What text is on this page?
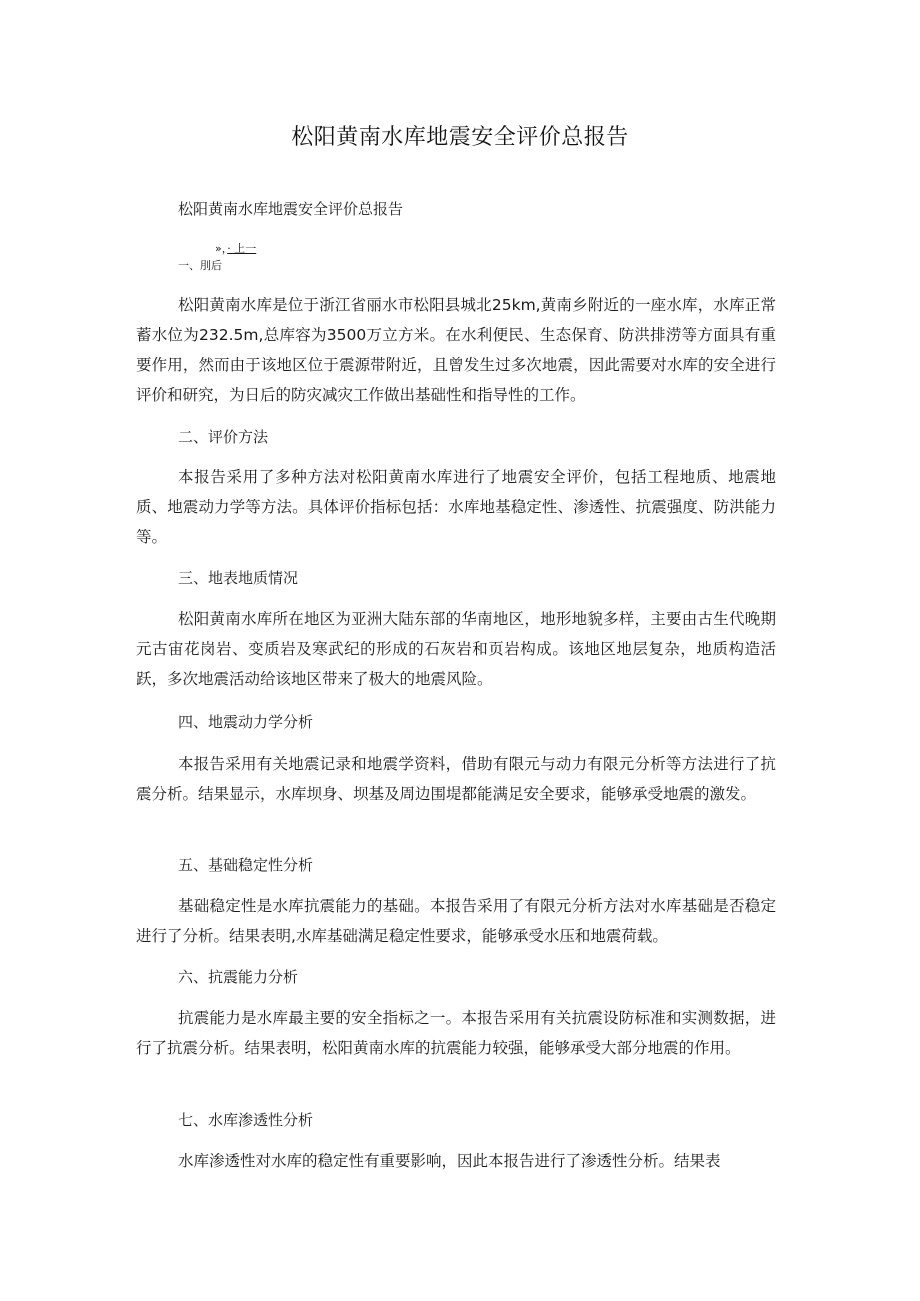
松阳黄南水库地震安全评价总报告
松阳黄南水库地震安全评价总报告
»，· 上一
一、刖后
松阳黄南水库是位于浙江省丽水市松阳县城北25km,黄南乡附近的一座水库，水库正常蓄水位为232.5m,总库容为3500万立方米。在水利便民、生态保育、防洪排涝等方面具有重要作用，然而由于该地区位于震源带附近，且曾发生过多次地震，因此需要对水库的安全进行评价和研究，为日后的防灾减灾工作做出基础性和指导性的工作。
二、评价方法
本报告采用了多种方法对松阳黄南水库进行了地震安全评价，包括工程地质、地震地质、地震动力学等方法。具体评价指标包括：水库地基稳定性、渗透性、抗震强度、防洪能力等。
三、地表地质情况
松阳黄南水库所在地区为亚洲大陆东部的华南地区，地形地貌多样，主要由古生代晚期元古宙花岗岩、变质岩及寒武纪的形成的石灰岩和页岩构成。该地区地层复杂，地质构造活跃，多次地震活动给该地区带来了极大的地震风险。
四、地震动力学分析
本报告采用有关地震记录和地震学资料，借助有限元与动力有限元分析等方法进行了抗震分析。结果显示，水库坝身、坝基及周边围堤都能满足安全要求，能够承受地震的激发。
五、基础稳定性分析
基础稳定性是水库抗震能力的基础。本报告采用了有限元分析方法对水库基础是否稳定进行了分析。结果表明,水库基础满足稳定性要求，能够承受水压和地震荷载。
六、抗震能力分析
抗震能力是水库最主要的安全指标之一。本报告采用有关抗震设防标准和实测数据，进行了抗震分析。结果表明，松阳黄南水库的抗震能力较强，能够承受大部分地震的作用。
七、水库渗透性分析
水库渗透性对水库的稳定性有重要影响，因此本报告进行了渗透性分析。结果表
